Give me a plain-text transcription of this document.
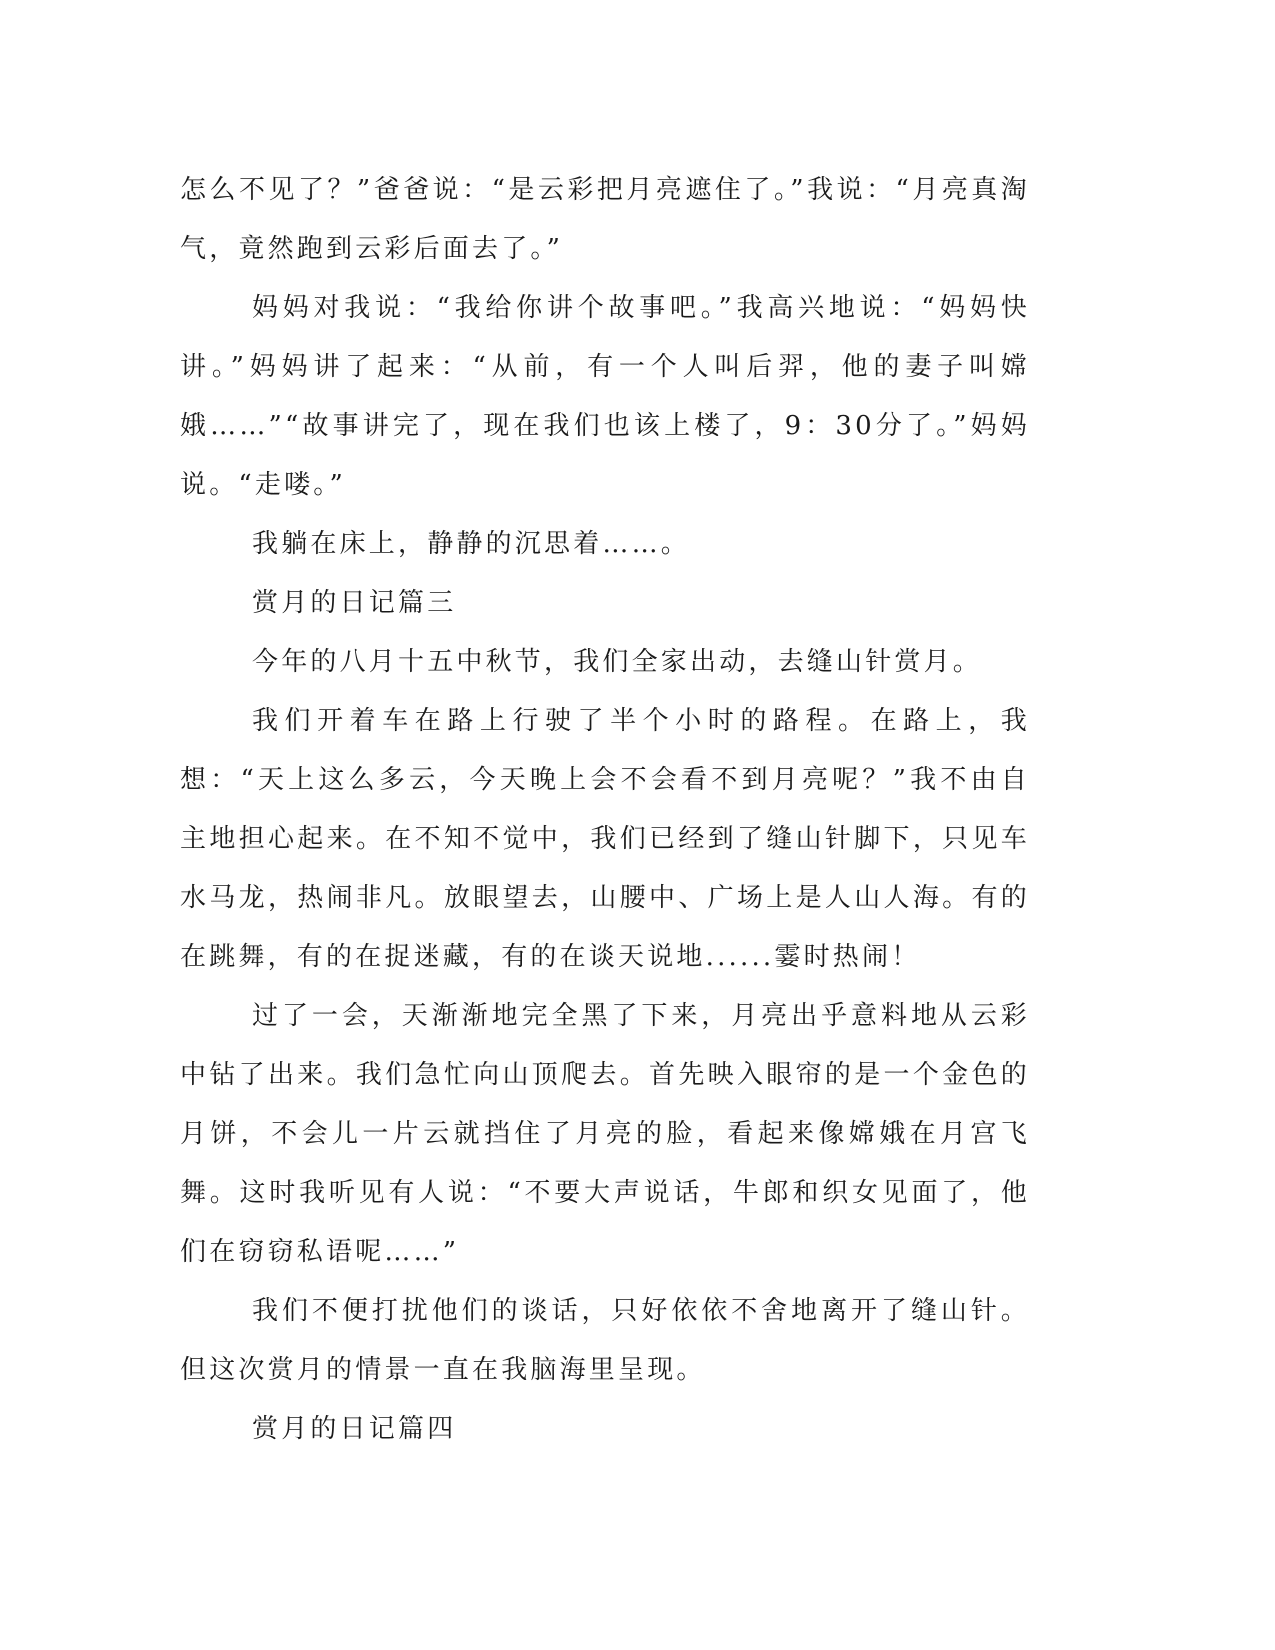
怎么不见了？”爸爸说：“是云彩把月亮遮住了。”我说：“月亮真淘气，竟然跑到云彩后面去了。”

妈妈对我说：“我给你讲个故事吧。”我高兴地说：“妈妈快讲。”妈妈讲了起来：“从前，有一个人叫后羿，他的妻子叫嫦娥……”“故事讲完了，现在我们也该上楼了，9：30分了。”妈妈说。“走喽。”

我躺在床上，静静的沉思着……。

赏月的日记篇三

今年的八月十五中秋节，我们全家出动，去缝山针赏月。

我们开着车在路上行驶了半个小时的路程。在路上，我想：“天上这么多云，今天晚上会不会看不到月亮呢？”我不由自主地担心起来。在不知不觉中，我们已经到了缝山针脚下，只见车水马龙，热闹非凡。放眼望去，山腰中、广场上是人山人海。有的在跳舞，有的在捉迷藏，有的在谈天说地......霎时热闹！

过了一会，天渐渐地完全黑了下来，月亮出乎意料地从云彩中钻了出来。我们急忙向山顶爬去。首先映入眼帘的是一个金色的月饼，不会儿一片云就挡住了月亮的脸，看起来像嫦娥在月宫飞舞。这时我听见有人说：“不要大声说话，牛郎和织女见面了，他们在窃窃私语呢……”

我们不便打扰他们的谈话，只好依依不舍地离开了缝山针。但这次赏月的情景一直在我脑海里呈现。

赏月的日记篇四
